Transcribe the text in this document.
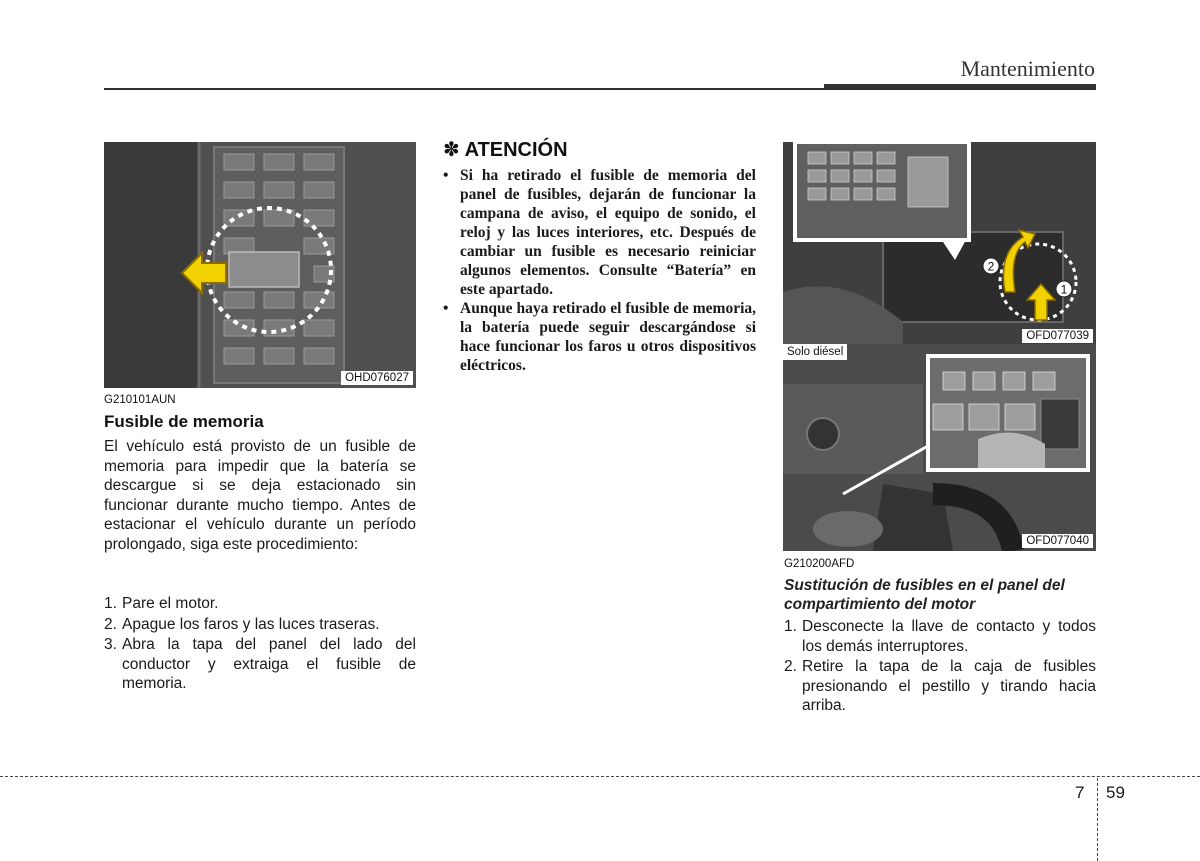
Mantenimiento
OHD076027
G210101AUN
Fusible de memoria
El vehículo está provisto de un fusible de memoria para impedir que la batería se descargue si se deja estacionado sin funcionar durante mucho tiempo. Antes de estacionar el vehículo durante un período prolongado, siga este procedimiento:
1. Pare el motor.
2. Apague los faros y las luces traseras.
3. Abra la tapa del panel del lado del conductor y extraiga el fusible de memoria.
✽ ATENCIÓN
• Si ha retirado el fusible de memoria del panel de fusibles, dejarán de funcionar la campana de aviso, el equipo de sonido, el reloj y las luces interiores, etc. Después de cambiar un fusible es necesario reiniciar algunos elementos. Consulte “Batería” en este apartado.
• Aunque haya retirado el fusible de memoria, la batería puede seguir descargándose si hace funcionar los faros u otros dispositivos eléctricos.
2
1
OFD077039
Solo diésel
OFD077040
G210200AFD
Sustitución de fusibles en el panel del compartimiento del motor
1. Desconecte la llave de contacto y todos los demás interruptores.
2. Retire la tapa de la caja de fusibles presionando el pestillo y tirando hacia arriba.
7 59
